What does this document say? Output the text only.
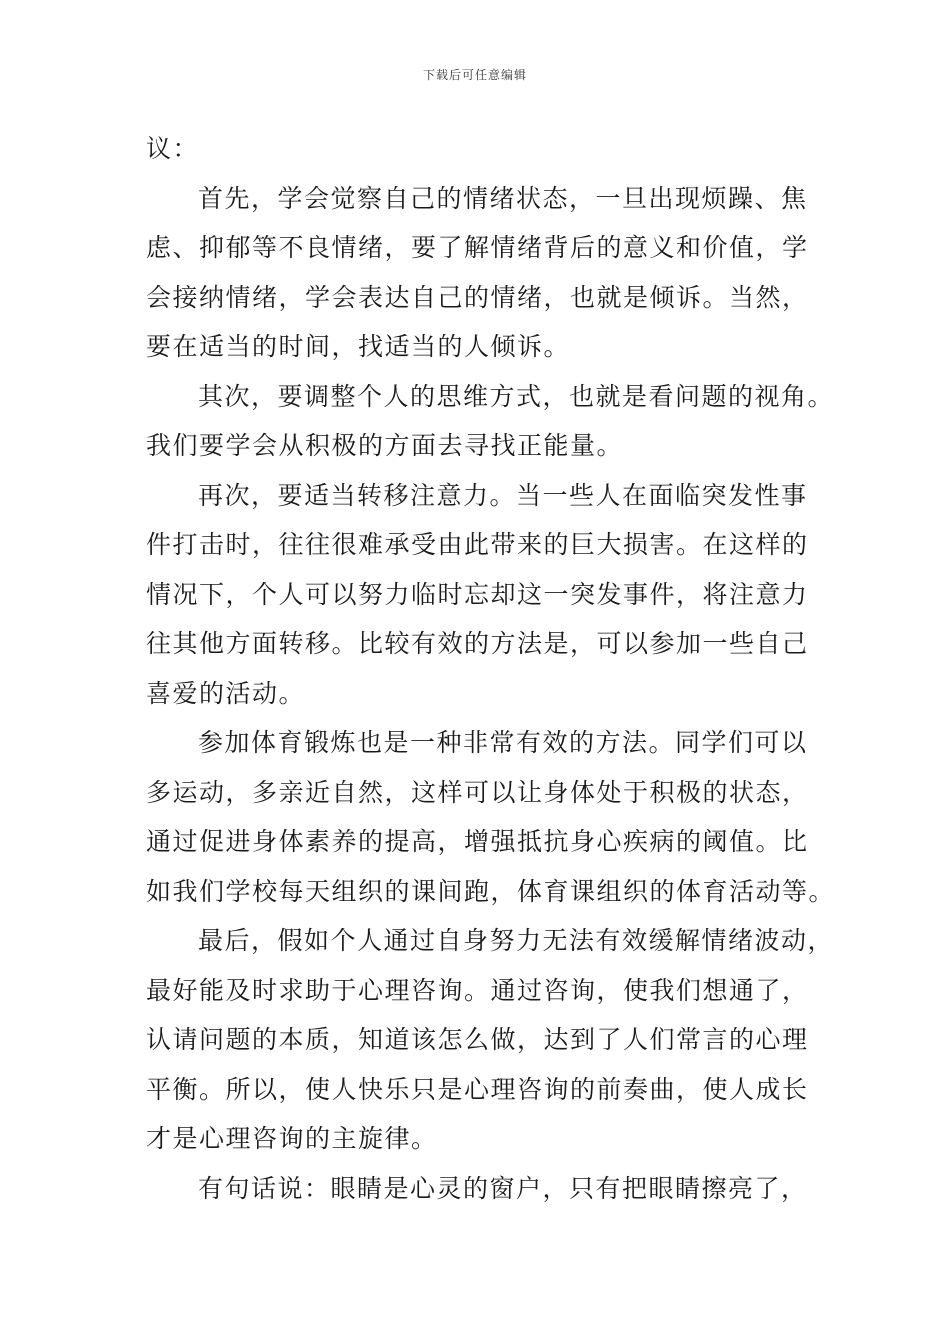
下载后可任意编辑
议：
首先，学会觉察自己的情绪状态，一旦出现烦躁、焦
虑、抑郁等不良情绪，要了解情绪背后的意义和价值，学
会接纳情绪，学会表达自己的情绪，也就是倾诉。当然，
要在适当的时间，找适当的人倾诉。
其次，要调整个人的思维方式，也就是看问题的视角。
我们要学会从积极的方面去寻找正能量。
再次，要适当转移注意力。当一些人在面临突发性事
件打击时，往往很难承受由此带来的巨大损害。在这样的
情况下，个人可以努力临时忘却这一突发事件，将注意力
往其他方面转移。比较有效的方法是，可以参加一些自己
喜爱的活动。
参加体育锻炼也是一种非常有效的方法。同学们可以
多运动，多亲近自然，这样可以让身体处于积极的状态，
通过促进身体素养的提高，增强抵抗身心疾病的阈值。比
如我们学校每天组织的课间跑，体育课组织的体育活动等。
最后，假如个人通过自身努力无法有效缓解情绪波动，
最好能及时求助于心理咨询。通过咨询，使我们想通了，
认请问题的本质，知道该怎么做，达到了人们常言的心理
平衡。所以，使人快乐只是心理咨询的前奏曲，使人成长
才是心理咨询的主旋律。
有句话说：眼睛是心灵的窗户，只有把眼睛擦亮了，
